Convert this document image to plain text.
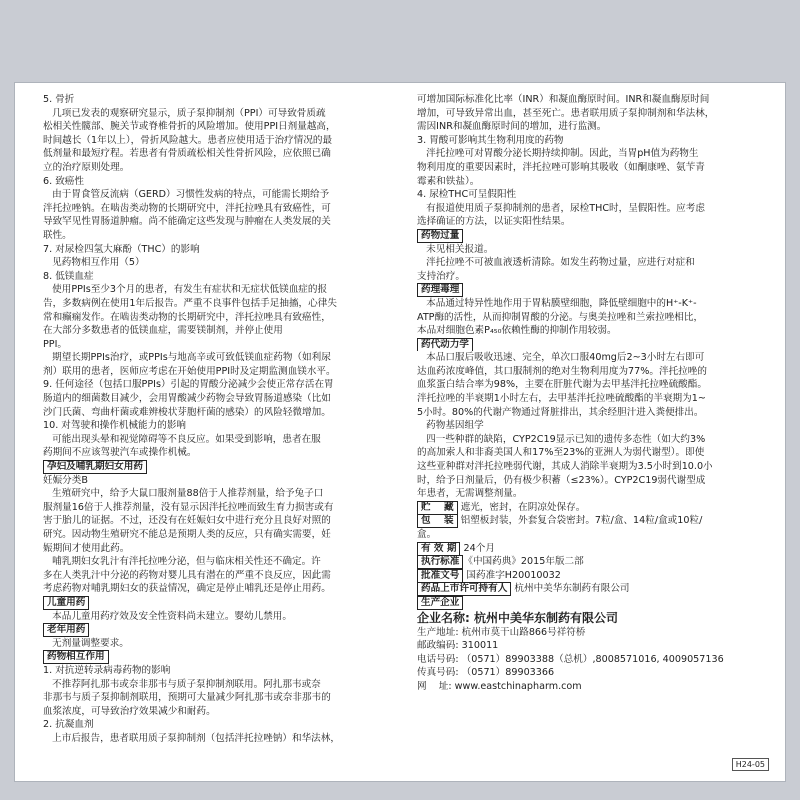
5. 骨折
几项已发表的观察研究显示，质子泵抑制剂（PPI）可导致骨质疏
松相关性髋部、腕关节或脊椎骨折的风险增加。使用PPI日剂量越高，
时间越长（1年以上），骨折风险越大。患者应使用适于治疗情况的最
低剂量和最短疗程。若患者有骨质疏松相关性骨折风险，应依照已确
立的治疗原则处理。
6. 致癌性
由于胃食管反流病（GERD）习惯性发病的特点，可能需长期给予
泮托拉唑钠。在啮齿类动物的长期研究中，泮托拉唑具有致癌性，可
导致罕见性胃肠道肿瘤。尚不能确定这些发现与肿瘤在人类发展的关
联性。
7. 对尿检四氢大麻酚（THC）的影响
见药物相互作用（5）
8. 低镁血症
使用PPIs至少3个月的患者，有发生有症状和无症状低镁血症的报
告，多数病例在使用1年后报告。严重不良事件包括手足抽搐，心律失
常和癫痫发作。在啮齿类动物的长期研究中，泮托拉唑具有致癌性，
在大部分多数患者的低镁血症，需要镁制剂，并停止使用
PPI。
期望长期PPIs治疗，或PPIs与地高辛或可致低镁血症药物（如利尿
剂）联用的患者，医师应考虑在开始使用PPI时及定期监测血镁水平。
9. 任何途径（包括口服PPIs）引起的胃酸分泌减少会使正常存活在胃
肠道内的细菌数目减少，会用胃酸减少药物会导致胃肠道感染（比如
沙门氏菌、弯曲杆菌或难辨梭状芽胞杆菌的感染）的风险轻微增加。
10. 对驾驶和操作机械能力的影响
可能出现头晕和视觉障碍等不良反应。如果受到影响，患者在服
药期间不应该驾驶汽车或操作机械。
孕妇及哺乳期妇女用药
妊娠分类B
生殖研究中，给予大鼠口服剂量88倍于人推荐剂量，给予兔子口
服剂量16倍于人推荐剂量，没有显示因泮托拉唑而致生育力损害或有
害于胎儿的证据。不过，还没有在妊娠妇女中进行充分且良好对照的
研究。因动物生殖研究不能总是预期人类的反应，只有确实需要，妊
娠期间才使用此药。
哺乳期妇女乳汁有泮托拉唑分泌，但与临床相关性还不确定。许
多在人类乳汁中分泌的药物对婴儿具有潜在的严重不良反应，因此需
考虑药物对哺乳期妇女的获益情况，确定是停止哺乳还是停止用药。
儿童用药
本品儿童用药疗效及安全性资料尚未建立。婴幼儿禁用。
老年用药
无剂量调整要求。
药物相互作用
1. 对抗逆转录病毒药物的影响
不推荐阿扎那韦或奈非那韦与质子泵抑制剂联用。阿扎那韦或奈
非那韦与质子泵抑制剂联用，预期可大量减少阿扎那韦或奈非那韦的
血浆浓度，可导致治疗效果减少和耐药。
2. 抗凝血剂
上市后报告，患者联用质子泵抑制剂（包括泮托拉唑钠）和华法林，
可增加国际标准化比率（INR）和凝血酶原时间。INR和凝血酶原时间
增加，可导致异常出血，甚至死亡。患者联用质子泵抑制剂和华法林，
需因INR和凝血酶原时间的增加，进行监测。
3. 胃酸可影响其生物利用度的药物
泮托拉唑可对胃酸分泌长期持续抑制。因此，当胃pH值为药物生
物利用度的重要因素时，泮托拉唑可影响其吸收（如酮康唑、氨苄青
霉素和铁盐）。
4. 尿检THC可呈假阳性
有报道使用质子泵抑制剂的患者，尿检THC时，呈假阳性。应考虑
选择确证的方法，以证实阳性结果。
药物过量
未见相关报道。
泮托拉唑不可被血液透析清除。如发生药物过量，应进行对症和
支持治疗。
药理毒理
本品通过特异性地作用于胃粘膜壁细胞，降低壁细胞中的H⁺-K⁺-
ATP酶的活性，从而抑制胃酸的分泌。与奥美拉唑和兰索拉唑相比，
本品对细胞色素P₄₅₀依赖性酶的抑制作用较弱。
药代动力学
本品口服后吸收迅速、完全，单次口服40mg后2~3小时左右即可
达血药浓度峰值，其口服制剂的绝对生物利用度为77%。泮托拉唑的
血浆蛋白结合率为98%，主要在肝脏代谢为去甲基泮托拉唑硫酸酯。
泮托拉唑的半衰期1小时左右，去甲基泮托拉唑硫酸酯的半衰期为1~
5小时。80%的代谢产物通过肾脏排出，其余经胆汁进入粪便排出。
药物基因组学
四一些种群的缺陷，CYP2C19显示已知的遗传多态性（如大约3%
的高加索人和非裔美国人和17%至23%的亚洲人为弱代谢型）。即使
这些亚种群对泮托拉唑弱代谢，其成人消除半衰期为3.5小时到10.0小
时，给予日剂量后，仍有极少积蓄（≤23%）。CYP2C19弱代谢型成
年患者，无需调整剂量。
贮    藏 遮光，密封，在阴凉处保存。
包    装 铝塑板封装，外套复合袋密封。7粒/盒、14粒/盒或10粒/
盒。
有 效 期 24个月
执行标准 《中国药典》2015年版二部
批准文号 国药准字H20010032
药品上市许可持有人 杭州中美华东制药有限公司
生产企业
企业名称: 杭州中美华东制药有限公司
生产地址: 杭州市莫干山路866号祥符桥
邮政编码: 310011
电话号码: （0571）89903388（总机）,8008571016, 4009057136
传真号码: （0571）89903366
网    址: www.eastchinapharm.com
H24-05
